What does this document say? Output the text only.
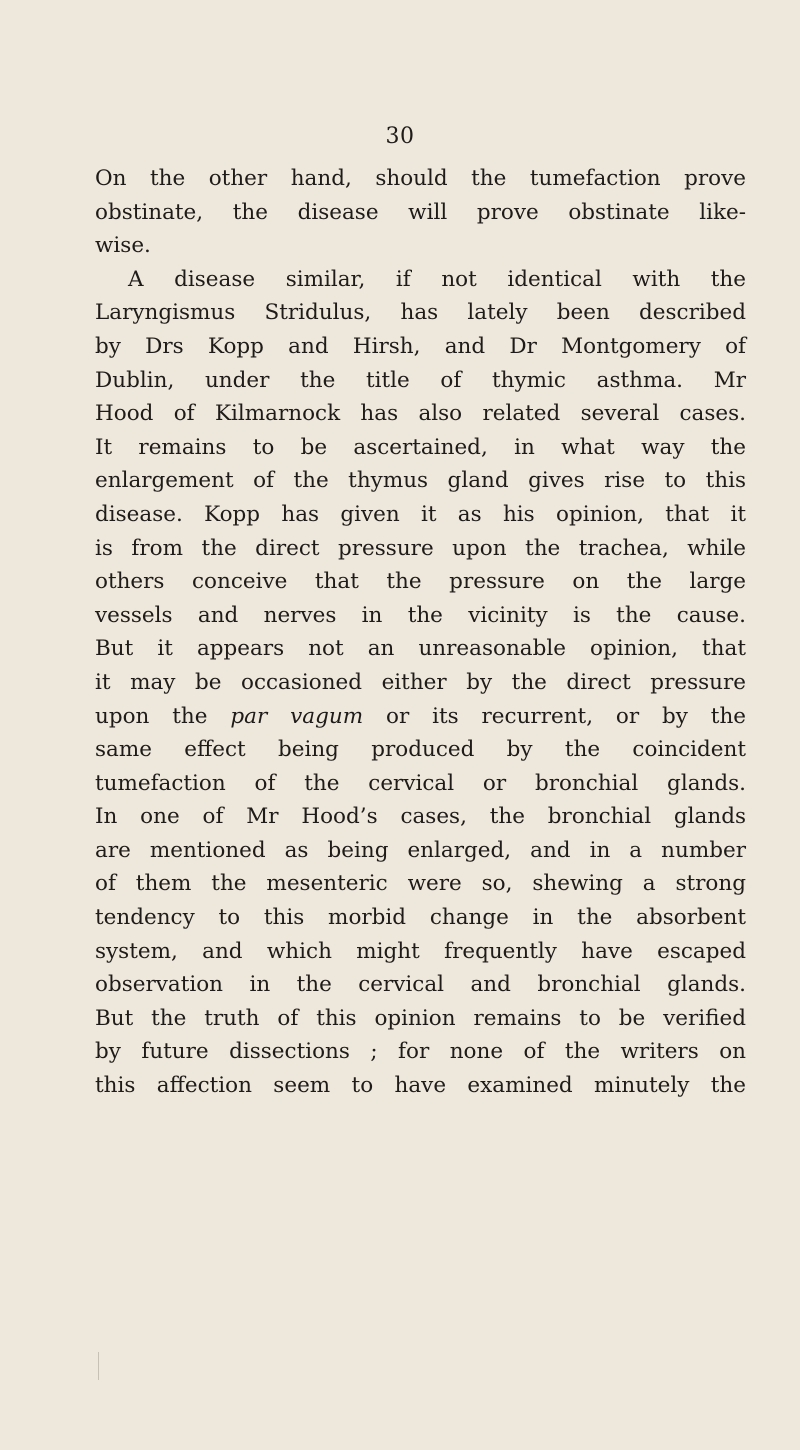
30
On the other hand, should the tumefaction prove
obstinate, the disease will prove obstinate like-
wise.
A disease similar, if not identical with the
Laryngismus Stridulus, has lately been described
by Drs Kopp and Hirsh, and Dr Montgomery of
Dublin, under the title of thymic asthma. Mr
Hood of Kilmarnock has also related several cases.
It remains to be ascertained, in what way the
enlargement of the thymus gland gives rise to this
disease. Kopp has given it as his opinion, that it
is from the direct pressure upon the trachea, while
others conceive that the pressure on the large
vessels and nerves in the vicinity is the cause.
But it appears not an unreasonable opinion, that
it may be occasioned either by the direct pressure
upon the par vagum or its recurrent, or by the
same effect being produced by the coincident
tumefaction of the cervical or bronchial glands.
In one of Mr Hood’s cases, the bronchial glands
are mentioned as being enlarged, and in a number
of them the mesenteric were so, shewing a strong
tendency to this morbid change in the absorbent
system, and which might frequently have escaped
observation in the cervical and bronchial glands.
But the truth of this opinion remains to be verified
by future dissections ; for none of the writers on
this affection seem to have examined minutely the
